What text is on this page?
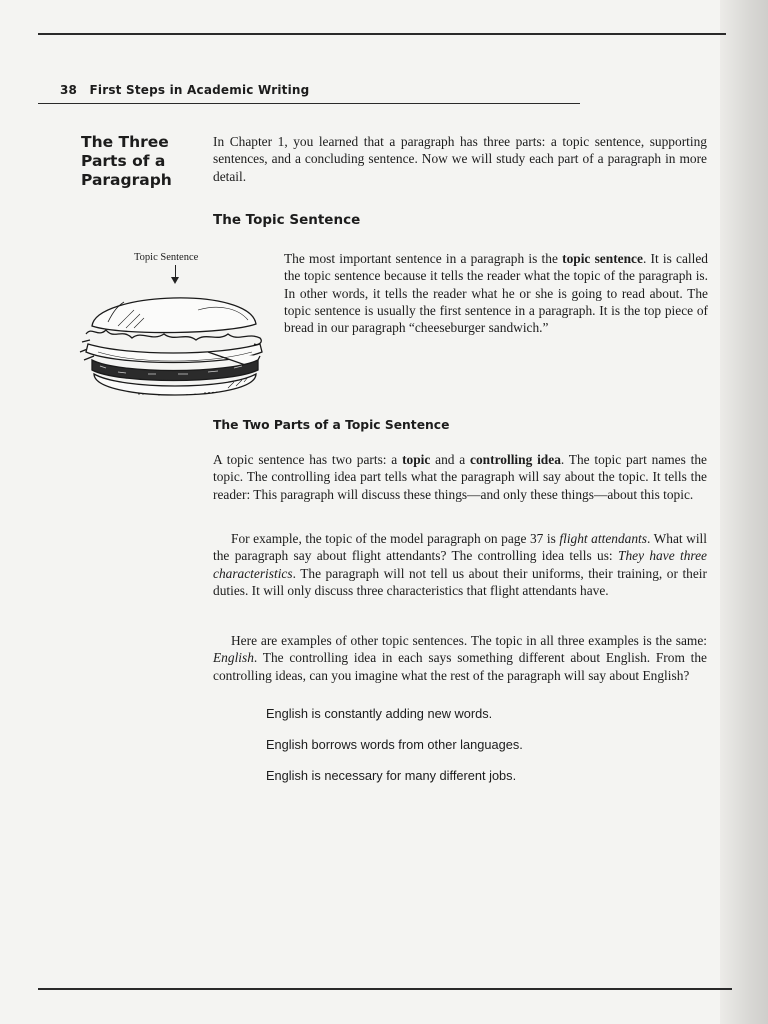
38 First Steps in Academic Writing
The Three
Parts of a
Paragraph

In Chapter 1, you learned that a paragraph has three parts: a topic sentence, supporting sentences, and a concluding sentence. Now we will study each part of a paragraph in more detail.

The Topic Sentence
Topic Sentence	The most important sentence in a paragraph is the topic sentence. It is called the topic sentence because it tells the reader what the topic of the paragraph is. In other words, it tells the reader what he or she is going to read about. The topic sentence is usually the first sentence in a paragraph. It is the top piece of bread in our paragraph “cheeseburger sandwich.”

The Two Parts of a Topic Sentence

A topic sentence has two parts: a topic and a controlling idea. The topic part names the topic. The controlling idea part tells what the paragraph will say about the topic. It tells the reader: This paragraph will discuss these things—and only these things—about this topic.

For example, the topic of the model paragraph on page 37 is flight attendants. What will the paragraph say about flight attendants? The controlling idea tells us: They have three characteristics. The paragraph will not tell us about their uniforms, their training, or their duties. It will only discuss three characteristics that flight attendants have.

Here are examples of other topic sentences. The topic in all three examples is the same: English. The controlling idea in each says something different about English. From the controlling ideas, can you imagine what the rest of the paragraph will say about English?

English is constantly adding new words.
English borrows words from other languages.
English is necessary for many different jobs.
